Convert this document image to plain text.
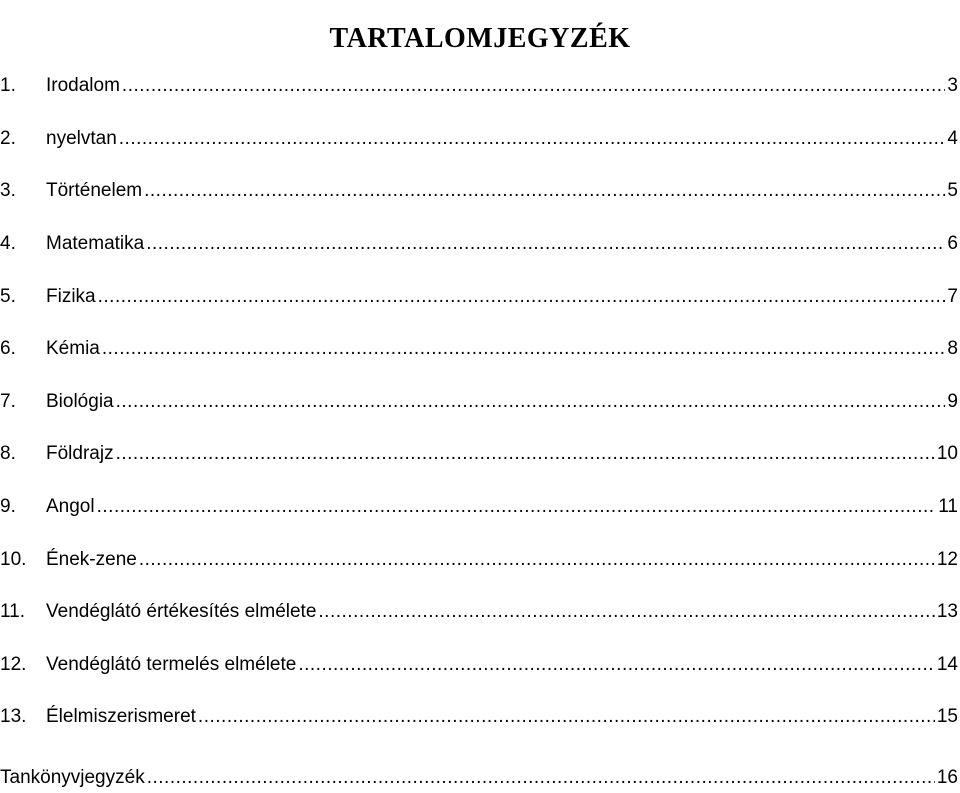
TARTALOMJEGYZÉK
1.	Irodalom .....	3
2.	nyelvtan .....	4
3.	Történelem .....	5
4.	Matematika .....	6
5.	Fizika .....	7
6.	Kémia .....	8
7.	Biológia .....	9
8.	Földrajz .....	10
9.	Angol .....	11
10.	Ének-zene .....	12
11.	Vendéglátó értékesítés elmélete .....	13
12.	Vendéglátó termelés elmélete .....	14
13.	Élelmiszerismeret .....	15
Tankönyvjegyzék .....	16
